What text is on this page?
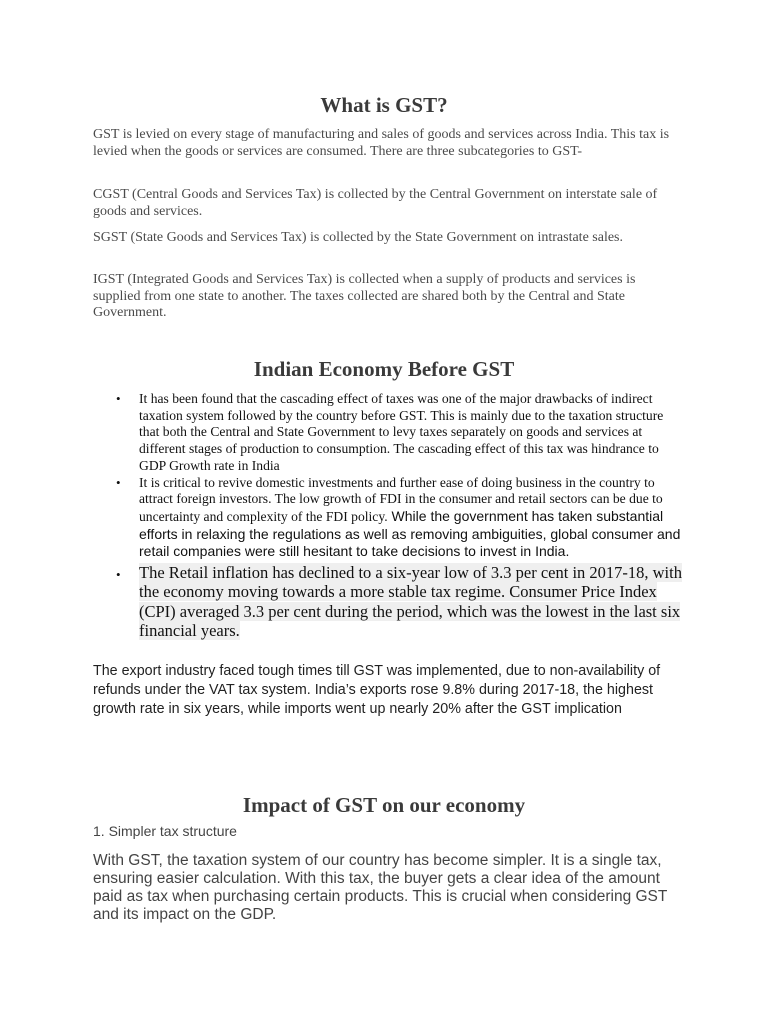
What is GST?

GST is levied on every stage of manufacturing and sales of goods and services across India. This tax is levied when the goods or services are consumed. There are three subcategories to GST-

CGST (Central Goods and Services Tax) is collected by the Central Government on interstate sale of goods and services.

SGST (State Goods and Services Tax) is collected by the State Government on intrastate sales.

IGST (Integrated Goods and Services Tax) is collected when a supply of products and services is supplied from one state to another. The taxes collected are shared both by the Central and State Government.

Indian Economy Before GST
• It has been found that the cascading effect of taxes was one of the major drawbacks of indirect taxation system followed by the country before GST. This is mainly due to the taxation structure that both the Central and State Government to levy taxes separately on goods and services at different stages of production to consumption. The cascading effect of this tax was hindrance to GDP Growth rate in India
• It is critical to revive domestic investments and further ease of doing business in the country to attract foreign investors. The low growth of FDI in the consumer and retail sectors can be due to uncertainty and complexity of the FDI policy. While the government has taken substantial efforts in relaxing the regulations as well as removing ambiguities, global consumer and retail companies were still hesitant to take decisions to invest in India.
• The Retail inflation has declined to a six-year low of 3.3 per cent in 2017-18, with the economy moving towards a more stable tax regime. Consumer Price Index (CPI) averaged 3.3 per cent during the period, which was the lowest in the last six financial years.

The export industry faced tough times till GST was implemented, due to non-availability of refunds under the VAT tax system. India’s exports rose 9.8% during 2017-18, the highest growth rate in six years, while imports went up nearly 20% after the GST implication

Impact of GST on our economy

1. Simpler tax structure

With GST, the taxation system of our country has become simpler. It is a single tax, ensuring easier calculation. With this tax, the buyer gets a clear idea of the amount paid as tax when purchasing certain products. This is crucial when considering GST and its impact on the GDP.
